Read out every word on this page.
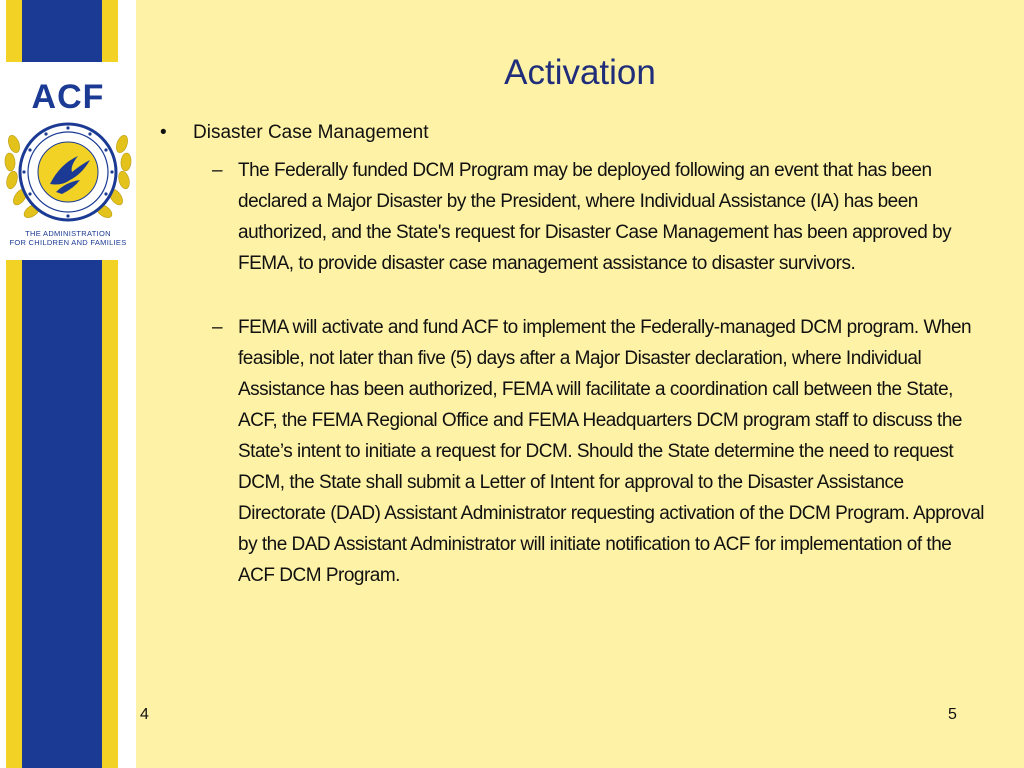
ACF
THE ADMINISTRATION
FOR CHILDREN AND FAMILIES
Activation
• Disaster Case Management
– The Federally funded DCM Program may be deployed following an event that has been declared a Major Disaster by the President, where Individual Assistance (IA) has been authorized, and the State's request for Disaster Case Management has been approved by FEMA, to provide disaster case management assistance to disaster survivors.
– FEMA will activate and fund ACF to implement the Federally-managed DCM program. When feasible, not later than five (5) days after a Major Disaster declaration, where Individual Assistance has been authorized, FEMA will facilitate a coordination call between the State, ACF, the FEMA Regional Office and FEMA Headquarters DCM program staff to discuss the State’s intent to initiate a request for DCM. Should the State determine the need to request DCM, the State shall submit a Letter of Intent for approval to the Disaster Assistance Directorate (DAD) Assistant Administrator requesting activation of the DCM Program. Approval by the DAD Assistant Administrator will initiate notification to ACF for implementation of the ACF DCM Program.
4	5
